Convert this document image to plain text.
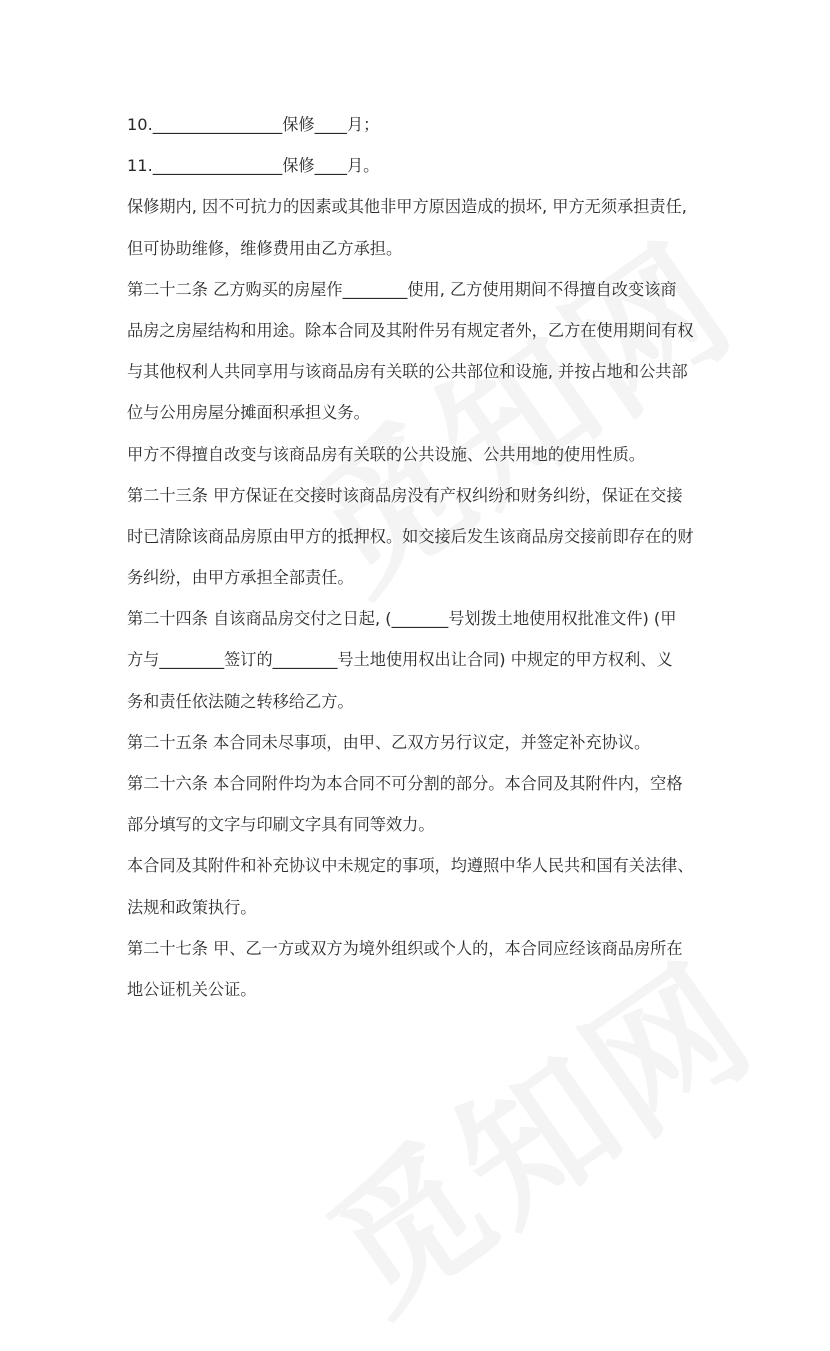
10.________________保修____月；

11.________________保修____月。

保修期内, 因不可抗力的因素或其他非甲方原因造成的损坏, 甲方无须承担责任,

但可协助维修，维修费用由乙方承担。

第二十二条 乙方购买的房屋作________使用, 乙方使用期间不得擅自改变该商

品房之房屋结构和用途。除本合同及其附件另有规定者外，乙方在使用期间有权

与其他权利人共同享用与该商品房有关联的公共部位和设施, 并按占地和公共部

位与公用房屋分摊面积承担义务。

甲方不得擅自改变与该商品房有关联的公共设施、公共用地的使用性质。

第二十三条 甲方保证在交接时该商品房没有产权纠纷和财务纠纷，保证在交接

时已清除该商品房原由甲方的抵押权。如交接后发生该商品房交接前即存在的财

务纠纷，由甲方承担全部责任。

第二十四条 自该商品房交付之日起, (_______号划拨土地使用权批准文件) (甲

方与________签订的________号土地使用权出让合同) 中规定的甲方权利、义

务和责任依法随之转移给乙方。

第二十五条 本合同未尽事项，由甲、乙双方另行议定，并签定补充协议。

第二十六条 本合同附件均为本合同不可分割的部分。本合同及其附件内，空格

部分填写的文字与印刷文字具有同等效力。

本合同及其附件和补充协议中未规定的事项，均遵照中华人民共和国有关法律、

法规和政策执行。

第二十七条 甲、乙一方或双方为境外组织或个人的，本合同应经该商品房所在

地公证机关公证。
